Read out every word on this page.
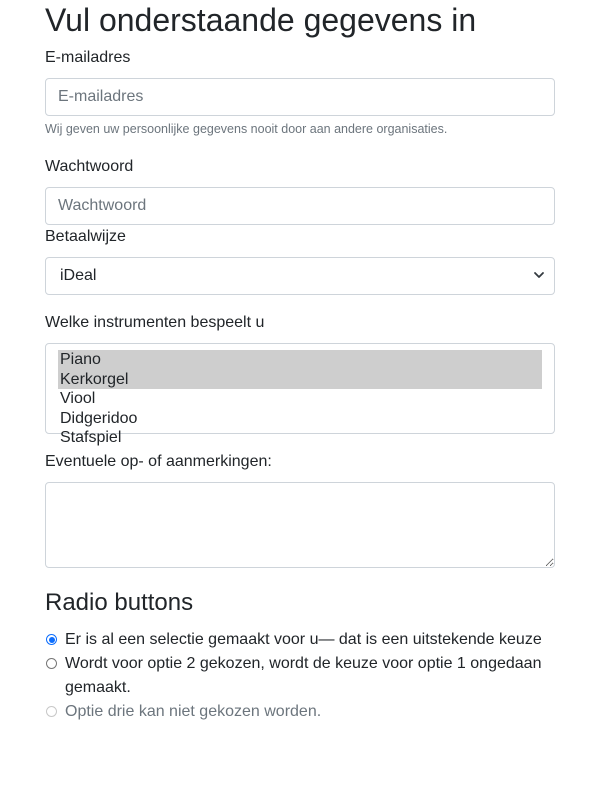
Vul onderstaande gegevens in
E-mailadres
E-mailadres
Wij geven uw persoonlijke gegevens nooit door aan andere organisaties.
Wachtwoord
Betaalwijze
iDeal
Welke instrumenten bespeelt u
Piano
Kerkorgel
Viool
Didgeridoo
Stafspiel
Eventuele op- of aanmerkingen:
Radio buttons
Er is al een selectie gemaakt voor u— dat is een uitstekende keuze
Wordt voor optie 2 gekozen, wordt de keuze voor optie 1 ongedaan gemaakt.
Optie drie kan niet gekozen worden.
